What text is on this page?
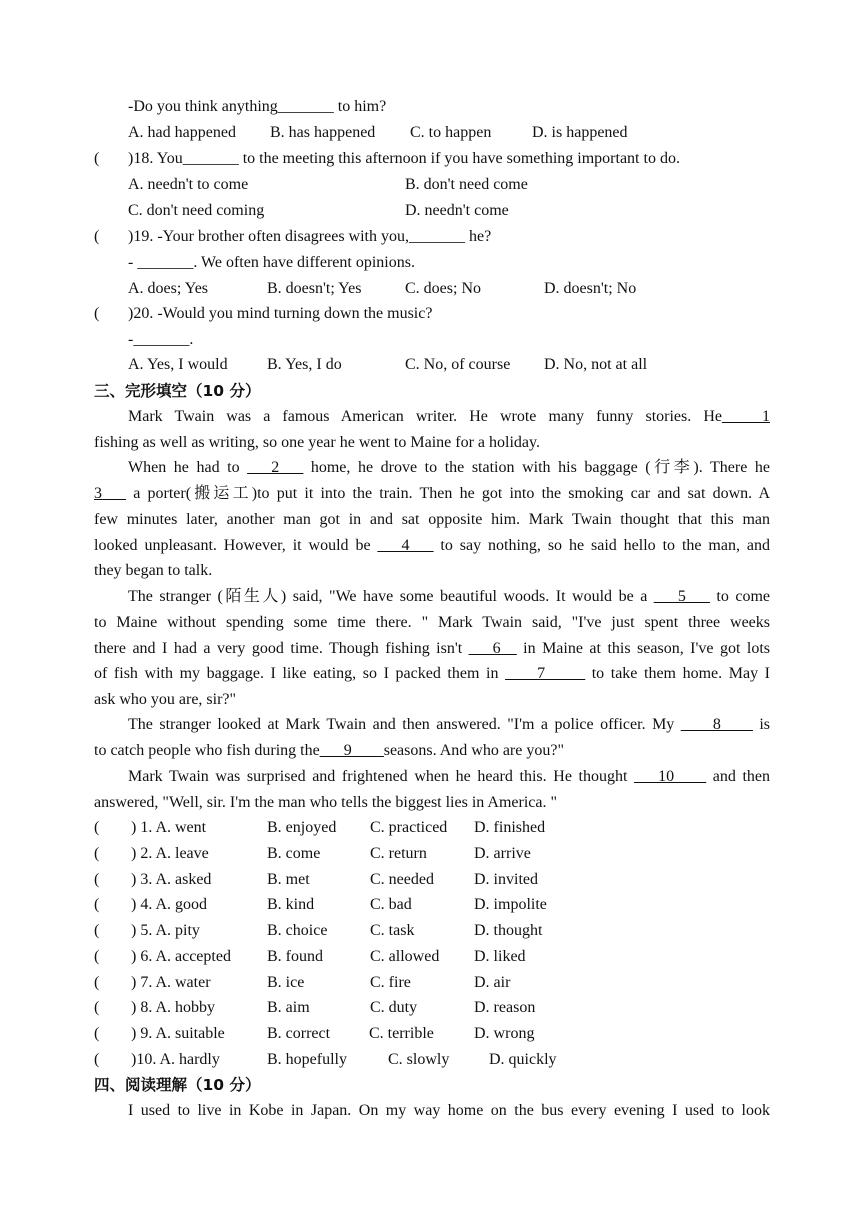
-Do you think anything_______ to him?
A. had happened B. has happened C. to happen	D. is happened
( )18. You_______ to the meeting this afternoon if you have something important to do.
A. needn't to come	B. don't need come
C. don't need coming	D. needn't come
( )19. -Your brother often disagrees with you,_______ he?
- _______. We often have different opinions.
A. does; Yes	B. doesn't; Yes	C. does; No	D. doesn't; No
( )20. -Would you mind turning down the music?
-_______.
A. Yes, I would B. Yes, I do	C. No, of course D. No, not at all
三、完形填空（10 分）
Mark Twain was a famous American writer. He wrote many funny stories. He_____1
fishing as well as writing, so one year he went to Maine for a holiday.
When he had to ___2___ home, he drove to the station with his baggage (行李). There he
3___ a porter(搬运工)to put it into the train. Then he got into the smoking car and sat down. A
few minutes later, another man got in and sat opposite him. Mark Twain thought that this man
looked unpleasant. However, it would be ___4___ to say nothing, so he said hello to the man, and
they began to talk.
The stranger (陌生人) said, "We have some beautiful woods. It would be a ___5___ to come
to Maine without spending some time there. " Mark Twain said, "I've just spent three weeks
there and I had a very good time. Though fishing isn't ___6__ in Maine at this season, I've got lots
of fish with my baggage. I like eating, so I packed them in ____7_____ to take them home. May I
ask who you are, sir?"
The stranger looked at Mark Twain and then answered. "I'm a police officer. My ____8____ is
to catch people who fish during the___9____seasons. And who are you?"
Mark Twain was surprised and frightened when he heard this. He thought ___10____ and then
answered, "Well, sir. I'm the man who tells the biggest lies in America. "
( ) 1. A. went	B. enjoyed C. practiced D. finished
( ) 2. A. leave	B. come	C. return	D. arrive
( ) 3. A. asked	B. met	C. needed	D. invited
( ) 4. A. good	B. kind	C. bad	D. impolite
( ) 5. A. pity	B. choice	C. task	D. thought
( ) 6. A. accepted B. found	C. allowed D. liked
( ) 7. A. water	B. ice	C. fire	D. air
( ) 8. A. hobby	B. aim	C. duty	D. reason
( ) 9. A. suitable	B. correct C. terrible	D. wrong
( )10. A. hardly	B. hopefully	C. slowly D. quickly
四、阅读理解（10 分）
I used to live in Kobe in Japan. On my way home on the bus every evening I used to look
